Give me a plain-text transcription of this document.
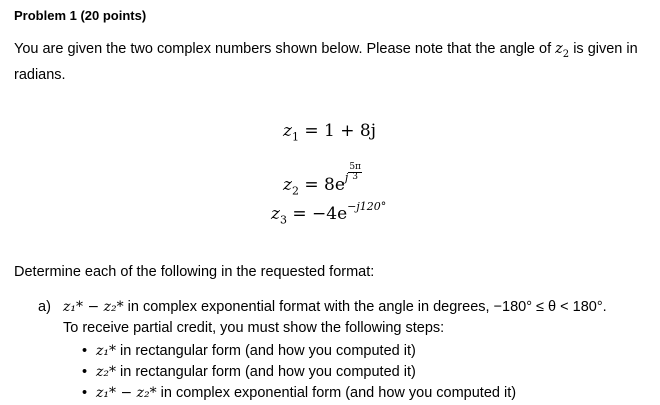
Problem 1 (20 points)
You are given the two complex numbers shown below. Please note that the angle of $z_2$ is given in radians.
$z_1 = 1 + 8j$
$z_2 = 8e^j \frac{5\pi}{3}$
$z_3 = -4e^{-j120^\circ}$
Determine each of the following in the requested format:
a) z₁* − z₂* in complex exponential format with the angle in degrees, −180° ≤ θ < 180°.
To receive partial credit, you must show the following steps:
• z₁* in rectangular form (and how you computed it)
• z₂* in rectangular form (and how you computed it)
• z₁* − z₂* in complex exponential form (and how you computed it)
